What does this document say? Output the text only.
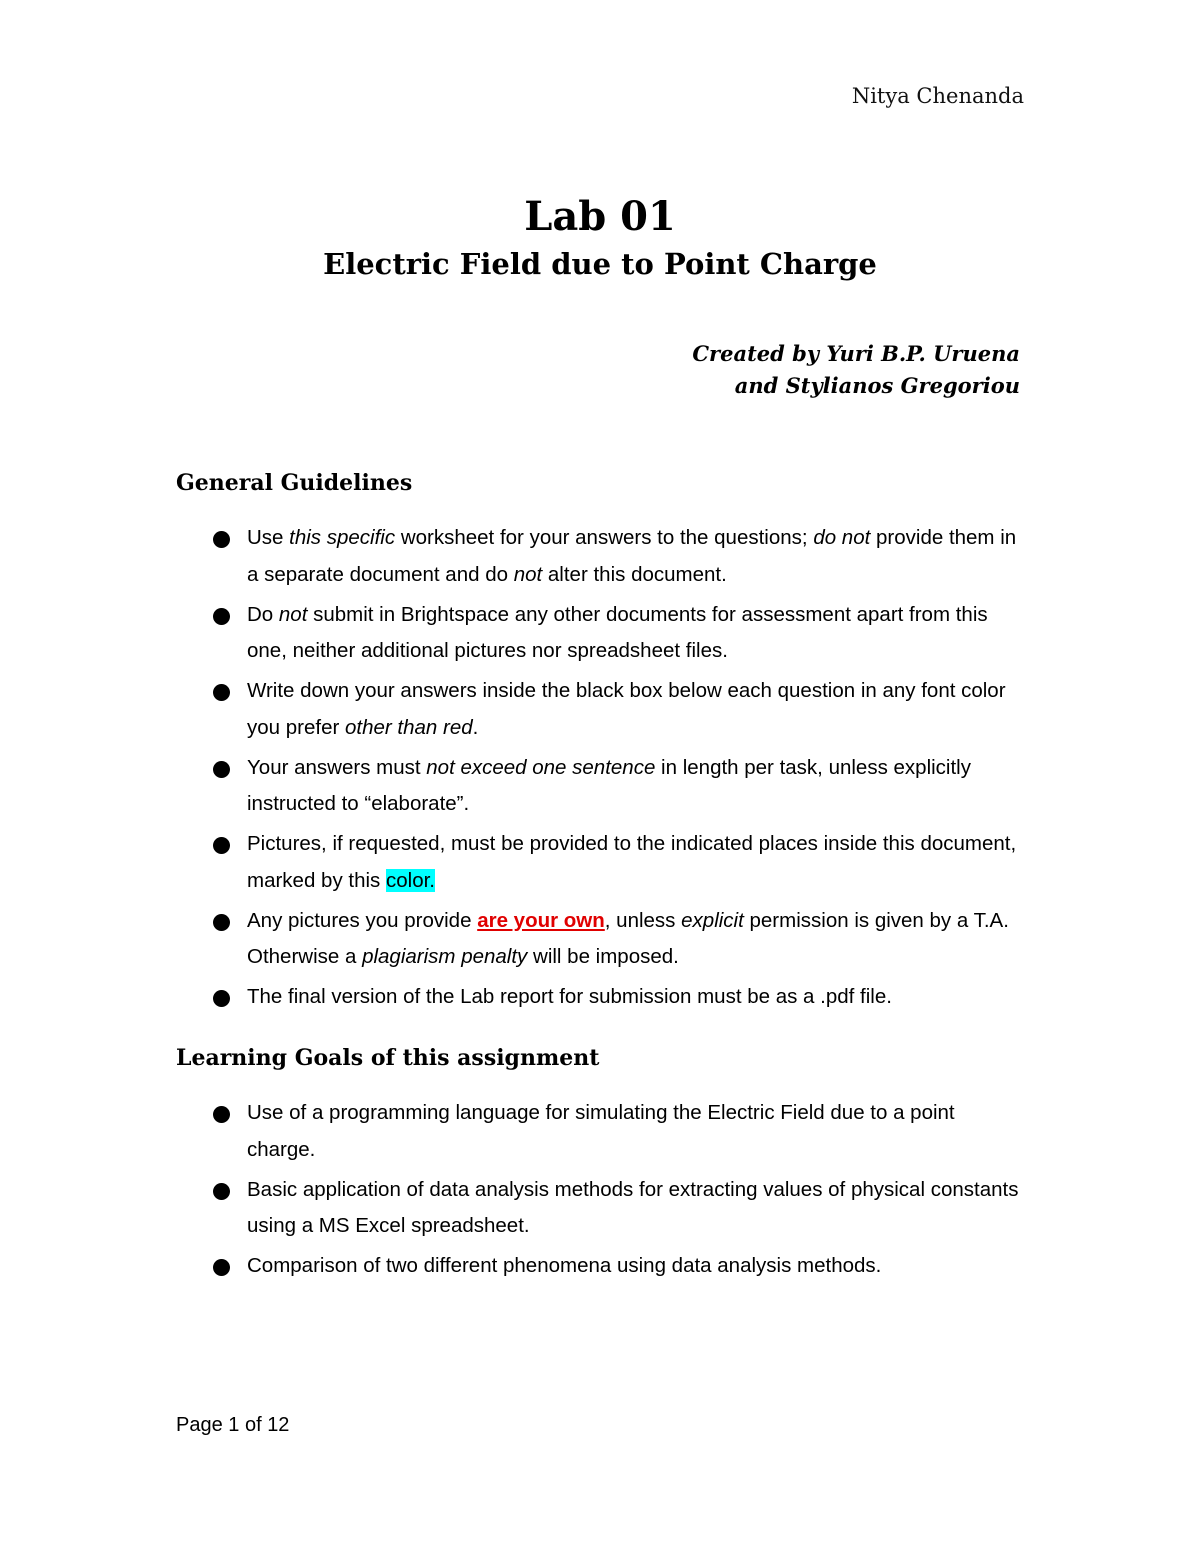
Nitya Chenanda
Lab 01
Electric Field due to Point Charge
Created by Yuri B.P. Uruena
and Stylianos Gregoriou
General Guidelines
Use this specific worksheet for your answers to the questions; do not provide them in a separate document and do not alter this document.
Do not submit in Brightspace any other documents for assessment apart from this one, neither additional pictures nor spreadsheet files.
Write down your answers inside the black box below each question in any font color you prefer other than red.
Your answers must not exceed one sentence in length per task, unless explicitly instructed to “elaborate”.
Pictures, if requested, must be provided to the indicated places inside this document, marked by this color.
Any pictures you provide are your own, unless explicit permission is given by a T.A. Otherwise a plagiarism penalty will be imposed.
The final version of the Lab report for submission must be as a .pdf file.
Learning Goals of this assignment
Use of a programming language for simulating the Electric Field due to a point charge.
Basic application of data analysis methods for extracting values of physical constants using a MS Excel spreadsheet.
Comparison of two different phenomena using data analysis methods.
Page 1 of 12
